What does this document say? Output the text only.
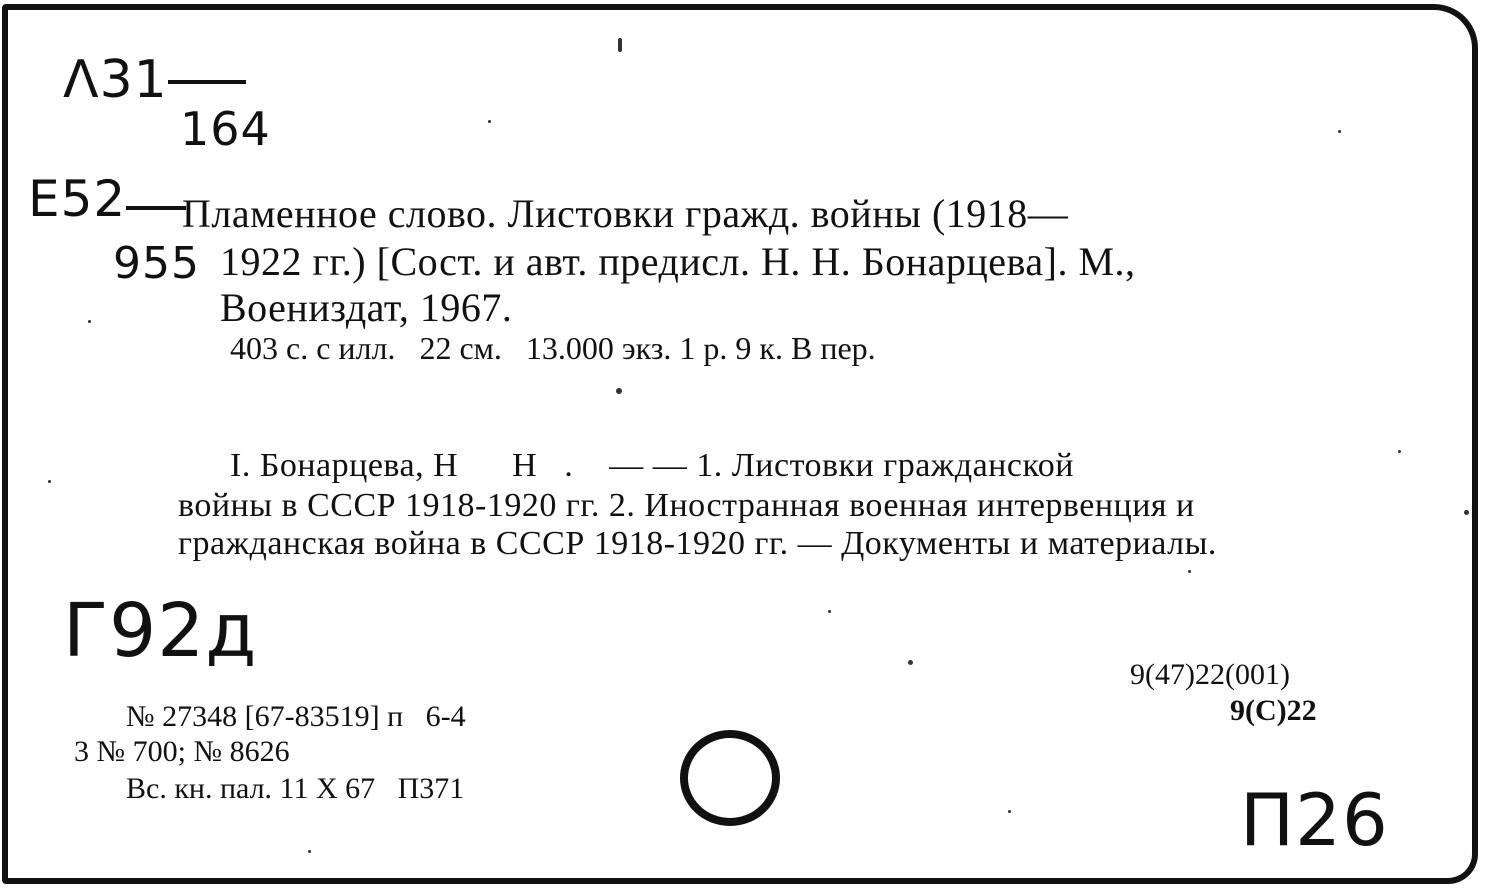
Λ31
164
E52
955
Пламенное слово. Листовки гражд. войны (1918—
1922 гг.) [Сост. и авт. предисл. Н. Н. Бонарцева]. М.,
Воениздат, 1967.
403 с. с илл.   22 см.   13.000 экз. 1 р. 9 к. В пер.
I. Бонарцева, Н      Н   .    — — 1. Листовки гражданской
войны в СССР 1918-1920 гг. 2. Иностранная военная интервенция и
гражданская война в СССР 1918-1920 гг. — Документы и материалы.
Г92д
9(47)22(001)
9(С)22
№ 27348 [67-83519] п   6-4
3 № 700; № 8626
Вс. кн. пал. 11 X 67   П371	П26
